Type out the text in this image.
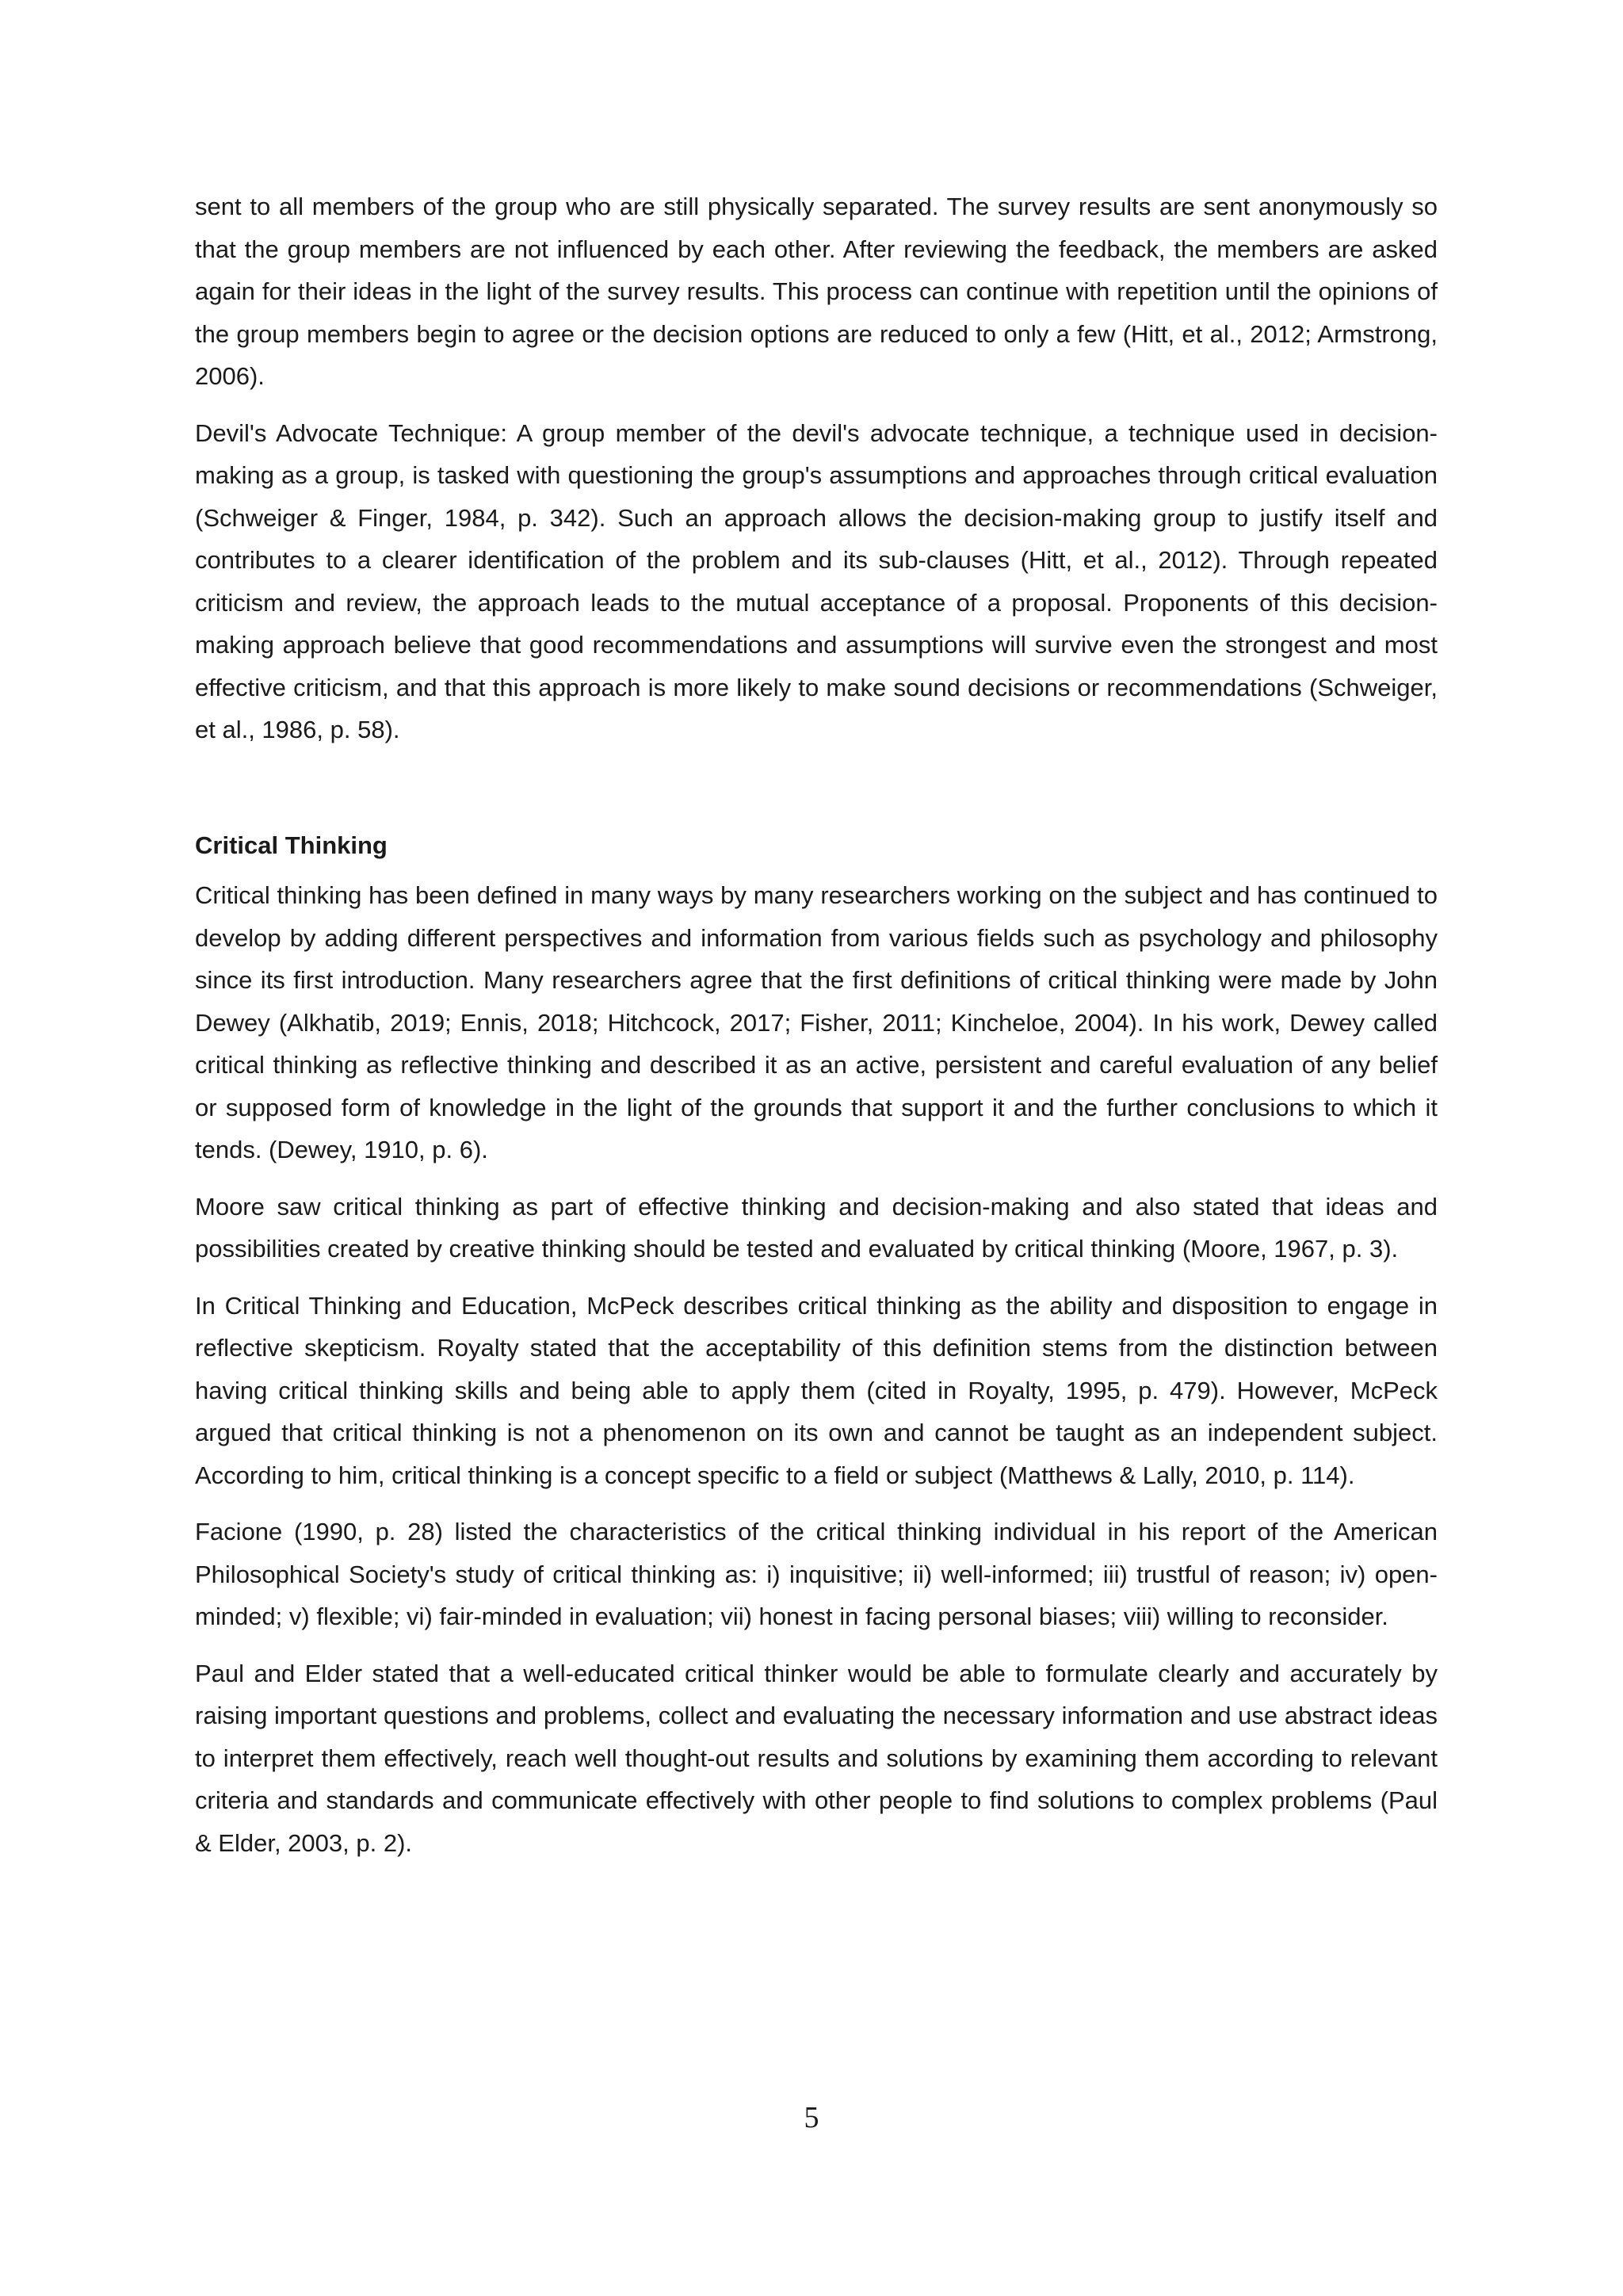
sent to all members of the group who are still physically separated. The survey results are sent anonymously so that the group members are not influenced by each other. After reviewing the feedback, the members are asked again for their ideas in the light of the survey results. This process can continue with repetition until the opinions of the group members begin to agree or the decision options are reduced to only a few (Hitt, et al., 2012; Armstrong, 2006).

Devil's Advocate Technique: A group member of the devil's advocate technique, a technique used in decision-making as a group, is tasked with questioning the group's assumptions and approaches through critical evaluation (Schweiger & Finger, 1984, p. 342). Such an approach allows the decision-making group to justify itself and contributes to a clearer identification of the problem and its sub-clauses (Hitt, et al., 2012). Through repeated criticism and review, the approach leads to the mutual acceptance of a proposal. Proponents of this decision-making approach believe that good recommendations and assumptions will survive even the strongest and most effective criticism, and that this approach is more likely to make sound decisions or recommendations (Schweiger, et al., 1986, p. 58).

Critical Thinking

Critical thinking has been defined in many ways by many researchers working on the subject and has continued to develop by adding different perspectives and information from various fields such as psychology and philosophy since its first introduction. Many researchers agree that the first definitions of critical thinking were made by John Dewey (Alkhatib, 2019; Ennis, 2018; Hitchcock, 2017; Fisher, 2011; Kincheloe, 2004). In his work, Dewey called critical thinking as reflective thinking and described it as an active, persistent and careful evaluation of any belief or supposed form of knowledge in the light of the grounds that support it and the further conclusions to which it tends. (Dewey, 1910, p. 6).

Moore saw critical thinking as part of effective thinking and decision-making and also stated that ideas and possibilities created by creative thinking should be tested and evaluated by critical thinking (Moore, 1967, p. 3).

In Critical Thinking and Education, McPeck describes critical thinking as the ability and disposition to engage in reflective skepticism. Royalty stated that the acceptability of this definition stems from the distinction between having critical thinking skills and being able to apply them (cited in Royalty, 1995, p. 479). However, McPeck argued that critical thinking is not a phenomenon on its own and cannot be taught as an independent subject. According to him, critical thinking is a concept specific to a field or subject (Matthews & Lally, 2010, p. 114).

Facione (1990, p. 28) listed the characteristics of the critical thinking individual in his report of the American Philosophical Society's study of critical thinking as: i) inquisitive; ii) well-informed; iii) trustful of reason; iv) open-minded; v) flexible; vi) fair-minded in evaluation; vii) honest in facing personal biases; viii) willing to reconsider.

Paul and Elder stated that a well-educated critical thinker would be able to formulate clearly and accurately by raising important questions and problems, collect and evaluating the necessary information and use abstract ideas to interpret them effectively, reach well thought-out results and solutions by examining them according to relevant criteria and standards and communicate effectively with other people to find solutions to complex problems (Paul & Elder, 2003, p. 2).

5
